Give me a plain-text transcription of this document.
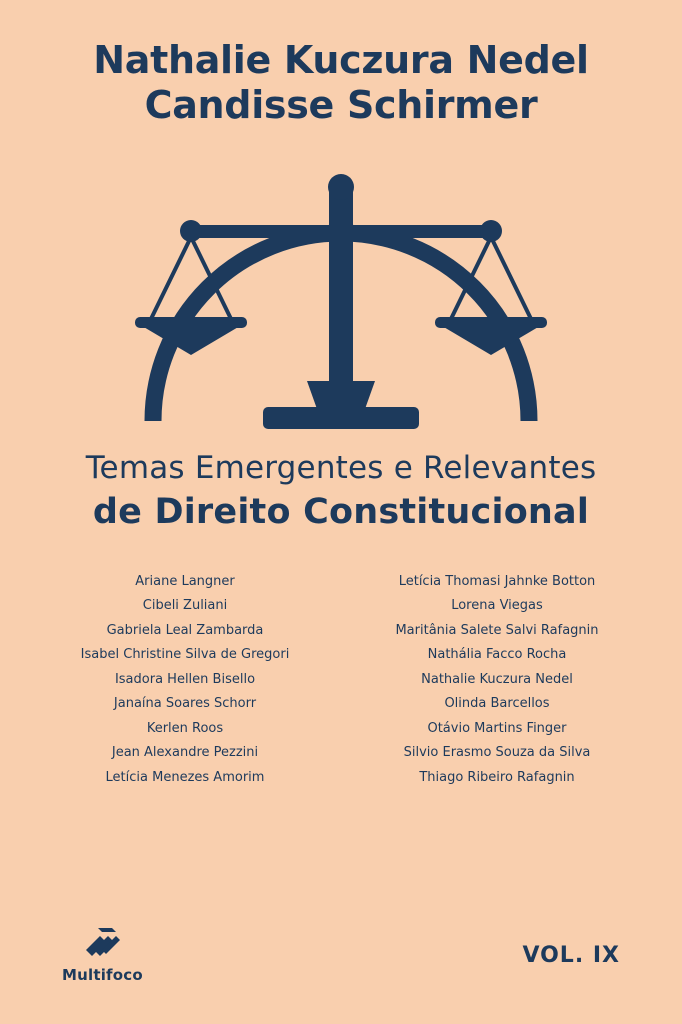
Nathalie Kuczura Nedel
Candisse Schirmer
Temas Emergentes e Relevantes
de Direito Constitucional
Ariane Langner
Cibeli Zuliani
Gabriela Leal Zambarda
Isabel Christine Silva de Gregori
Isadora Hellen Bisello
Janaína Soares Schorr
Kerlen Roos
Jean Alexandre Pezzini
Letícia Menezes Amorim
Letícia Thomasi Jahnke Botton
Lorena Viegas
Maritânia Salete Salvi Rafagnin
Nathália Facco Rocha
Nathalie Kuczura Nedel
Olinda Barcellos
Otávio Martins Finger
Silvio Erasmo Souza da Silva
Thiago Ribeiro Rafagnin
Multifoco
VOL. IX
